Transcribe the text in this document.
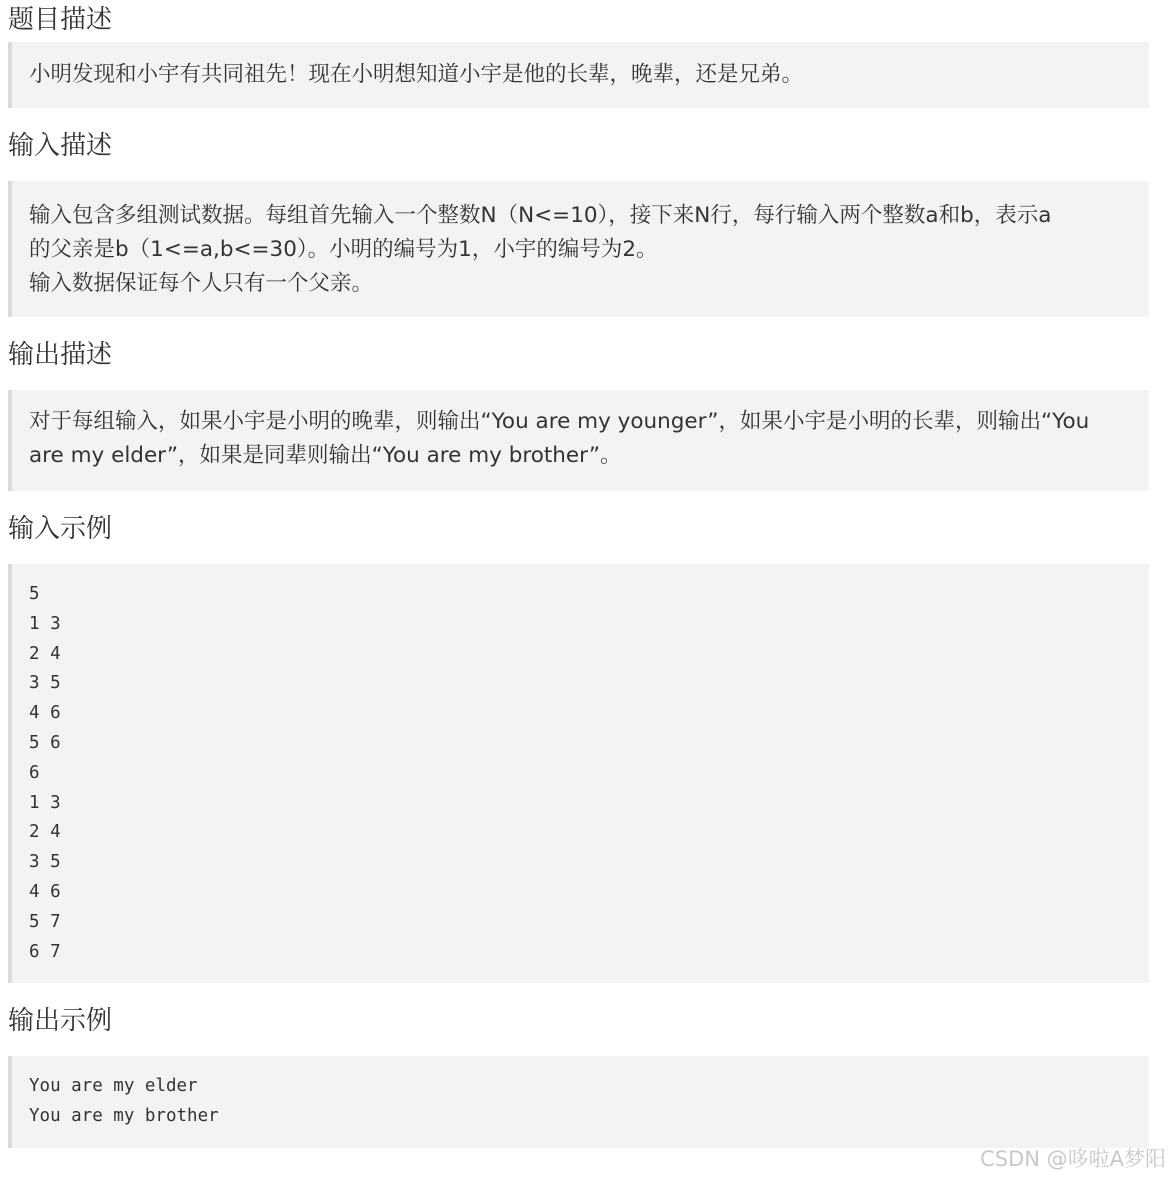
题目描述

小明发现和小宇有共同祖先！现在小明想知道小宇是他的长辈，晚辈，还是兄弟。

输入描述

输入包含多组测试数据。每组首先输入一个整数N（N<=10），接下来N行，每行输入两个整数a和b，表示a

的父亲是b（1<=a,b<=30）。小明的编号为1，小宇的编号为2。

输入数据保证每个人只有一个父亲。

输出描述

对于每组输入，如果小宇是小明的晚辈，则输出“You are my younger”，如果小宇是小明的长辈，则输出“You

are my elder”，如果是同辈则输出“You are my brother”。

输入示例
5
1 3
2 4
3 5
4 6
5 6
6
1 3
2 4
3 5
4 6
5 7
6 7
输出示例
You are my elder
You are my brother
CSDN @哆啦A梦阳
